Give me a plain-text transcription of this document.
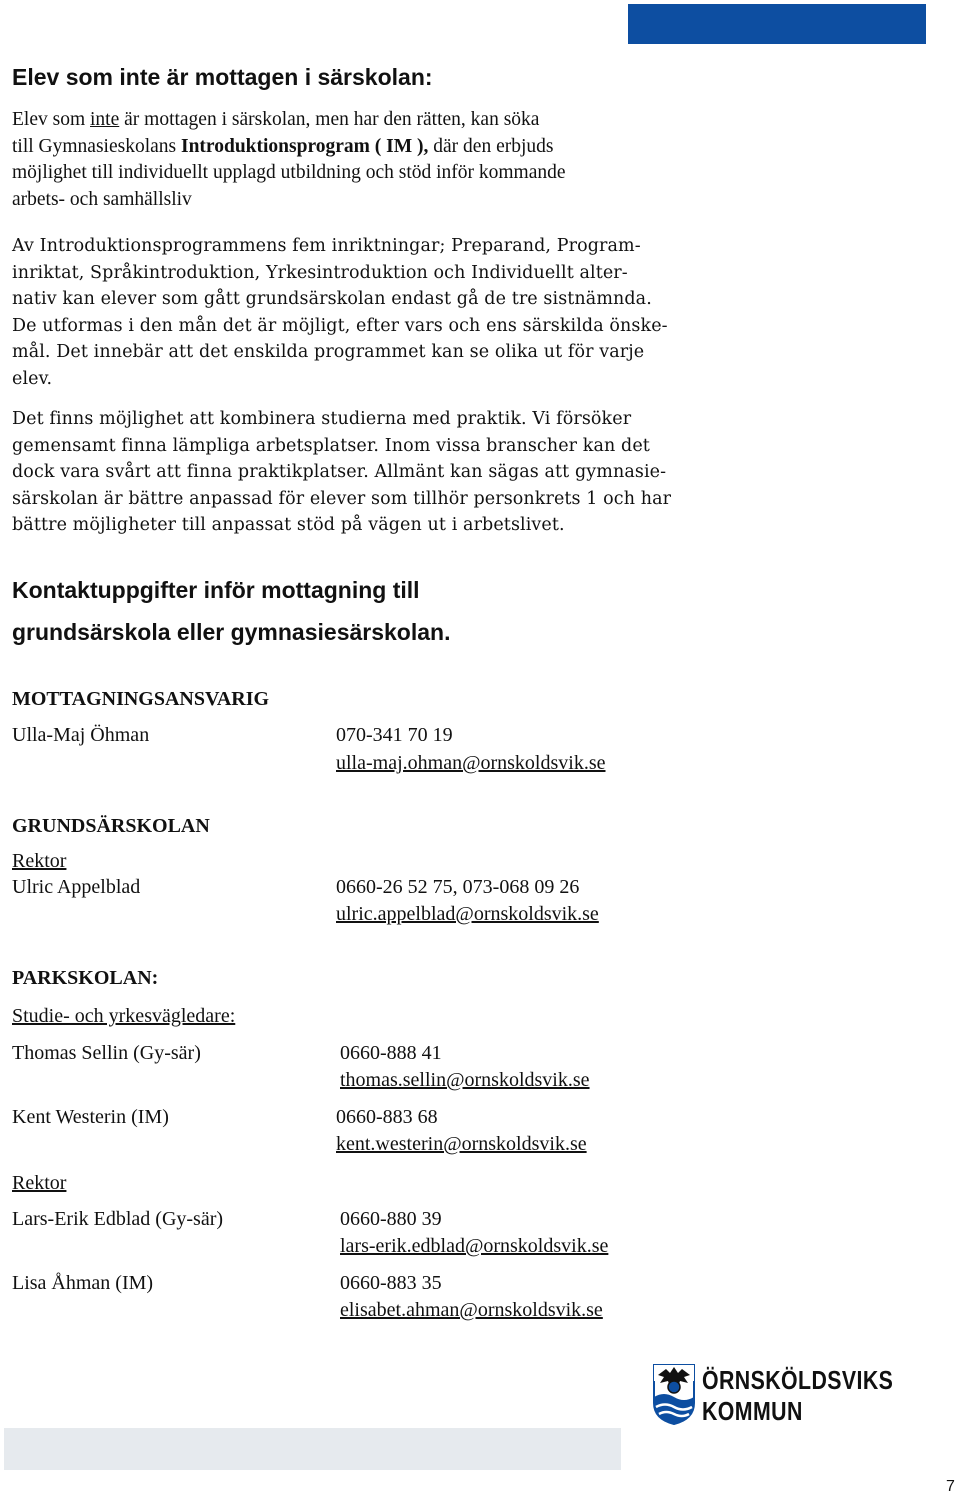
Elev som inte är mottagen i särskolan:

Elev som inte är mottagen i särskolan, men har den rätten, kan söka
till Gymnasieskolans Introduktionsprogram ( IM ), där den erbjuds
möjlighet till individuellt upplagd utbildning och stöd inför kommande
arbets- och samhällsliv

Av Introduktionsprogrammens fem inriktningar; Preparand, Program-
inriktat, Språkintroduktion, Yrkesintroduktion och Individuellt alter-
nativ kan elever som gått grundsärskolan endast gå de tre sistnämnda.
De utformas i den mån det är möjligt, efter vars och ens särskilda önske-
mål. Det innebär att det enskilda programmet kan se olika ut för varje
elev.

Det finns möjlighet att kombinera studierna med praktik. Vi försöker
gemensamt finna lämpliga arbetsplatser. Inom vissa branscher kan det
dock vara svårt att finna praktikplatser. Allmänt kan sägas att gymnasie-
särskolan är bättre anpassad för elever som tillhör personkrets 1 och har
bättre möjligheter till anpassat stöd på vägen ut i arbetslivet.

Kontaktuppgifter inför mottagning till
grundsärskola eller gymnasiesärskolan.
MOTTAGNINGSANSVARIG
Ulla-Maj Öhman	070-341 70 19
ulla-maj.ohman@ornskoldsvik.se
GRUNDSÄRSKOLAN
Rektor
Ulric Appelblad	0660-26 52 75, 073-068 09 26
ulric.appelblad@ornskoldsvik.se
PARKSKOLAN:
Studie- och yrkesvägledare:
Thomas Sellin (Gy-sär)	0660-888 41
thomas.sellin@ornskoldsvik.se
Kent Westerin (IM)	0660-883 68
kent.westerin@ornskoldsvik.se
Rektor
Lars-Erik Edblad (Gy-sär)	0660-880 39
lars-erik.edblad@ornskoldsvik.se
Lisa Åhman (IM)	0660-883 35
elisabet.ahman@ornskoldsvik.se
ÖRNSKÖLDSVIKS
KOMMUN
7
